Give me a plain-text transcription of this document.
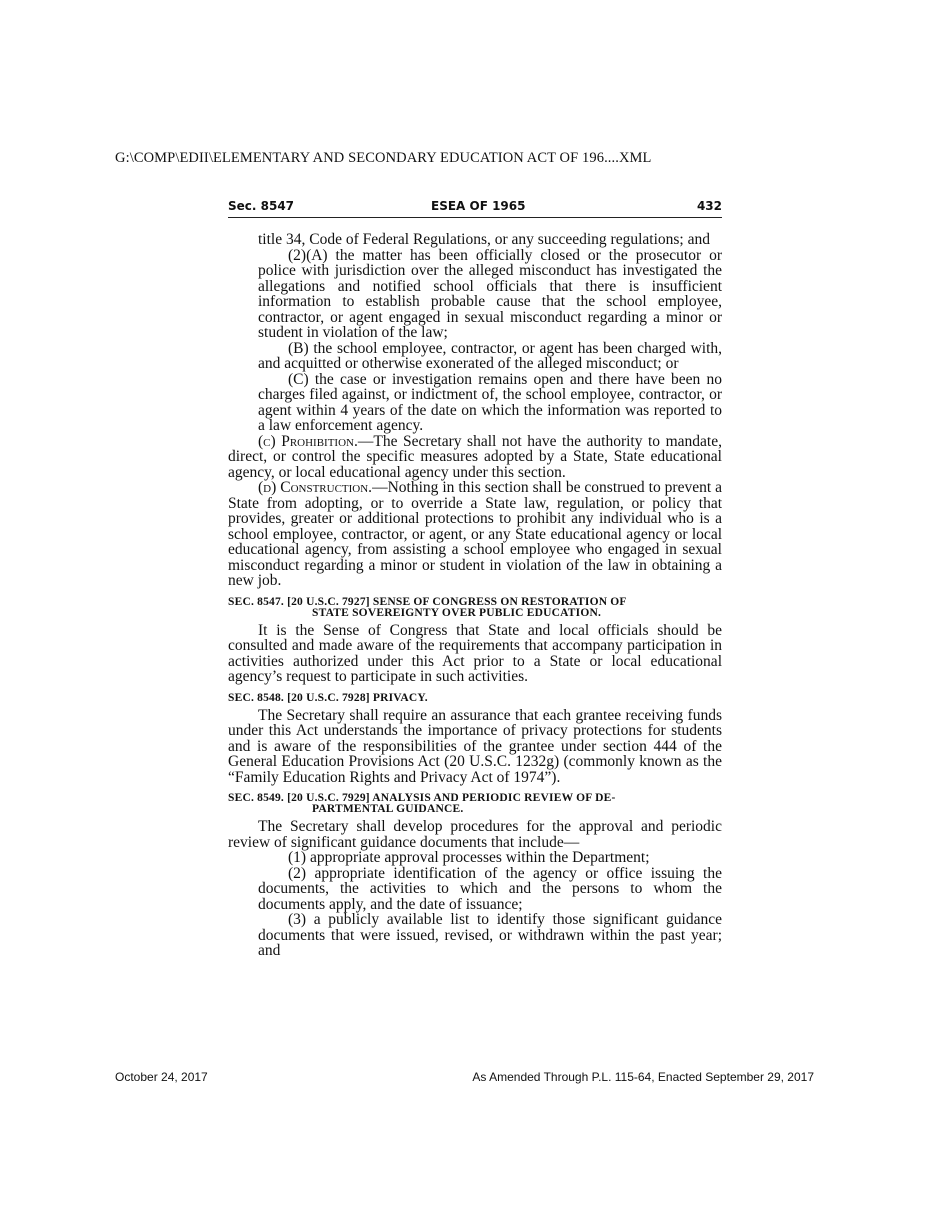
G:\COMP\EDII\ELEMENTARY AND SECONDARY EDUCATION ACT OF 196....XML
Sec. 8547	ESEA OF 1965	432

title 34, Code of Federal Regulations, or any succeeding regulations; and

(2)(A) the matter has been officially closed or the prosecutor or police with jurisdiction over the alleged misconduct has investigated the allegations and notified school officials that there is insufficient information to establish probable cause that the school employee, contractor, or agent engaged in sexual misconduct regarding a minor or student in violation of the law;

(B) the school employee, contractor, or agent has been charged with, and acquitted or otherwise exonerated of the alleged misconduct; or

(C) the case or investigation remains open and there have been no charges filed against, or indictment of, the school employee, contractor, or agent within 4 years of the date on which the information was reported to a law enforcement agency.

(c) Prohibition.—The Secretary shall not have the authority to mandate, direct, or control the specific measures adopted by a State, State educational agency, or local educational agency under this section.

(d) Construction.—Nothing in this section shall be construed to prevent a State from adopting, or to override a State law, regulation, or policy that provides, greater or additional protections to prohibit any individual who is a school employee, contractor, or agent, or any State educational agency or local educational agency, from assisting a school employee who engaged in sexual misconduct regarding a minor or student in violation of the law in obtaining a new job.

SEC. 8547. [20 U.S.C. 7927] SENSE OF CONGRESS ON RESTORATION OF
STATE SOVEREIGNTY OVER PUBLIC EDUCATION.

It is the Sense of Congress that State and local officials should be consulted and made aware of the requirements that accompany participation in activities authorized under this Act prior to a State or local educational agency’s request to participate in such activities.

SEC. 8548. [20 U.S.C. 7928] PRIVACY.

The Secretary shall require an assurance that each grantee receiving funds under this Act understands the importance of privacy protections for students and is aware of the responsibilities of the grantee under section 444 of the General Education Provisions Act (20 U.S.C. 1232g) (commonly known as the “Family Education Rights and Privacy Act of 1974”).

SEC. 8549. [20 U.S.C. 7929] ANALYSIS AND PERIODIC REVIEW OF DE-
PARTMENTAL GUIDANCE.

The Secretary shall develop procedures for the approval and periodic review of significant guidance documents that include—

(1) appropriate approval processes within the Department;

(2) appropriate identification of the agency or office issuing the documents, the activities to which and the persons to whom the documents apply, and the date of issuance;

(3) a publicly available list to identify those significant guidance documents that were issued, revised, or withdrawn within the past year; and

October 24, 2017	As Amended Through P.L. 115-64, Enacted September 29, 2017
